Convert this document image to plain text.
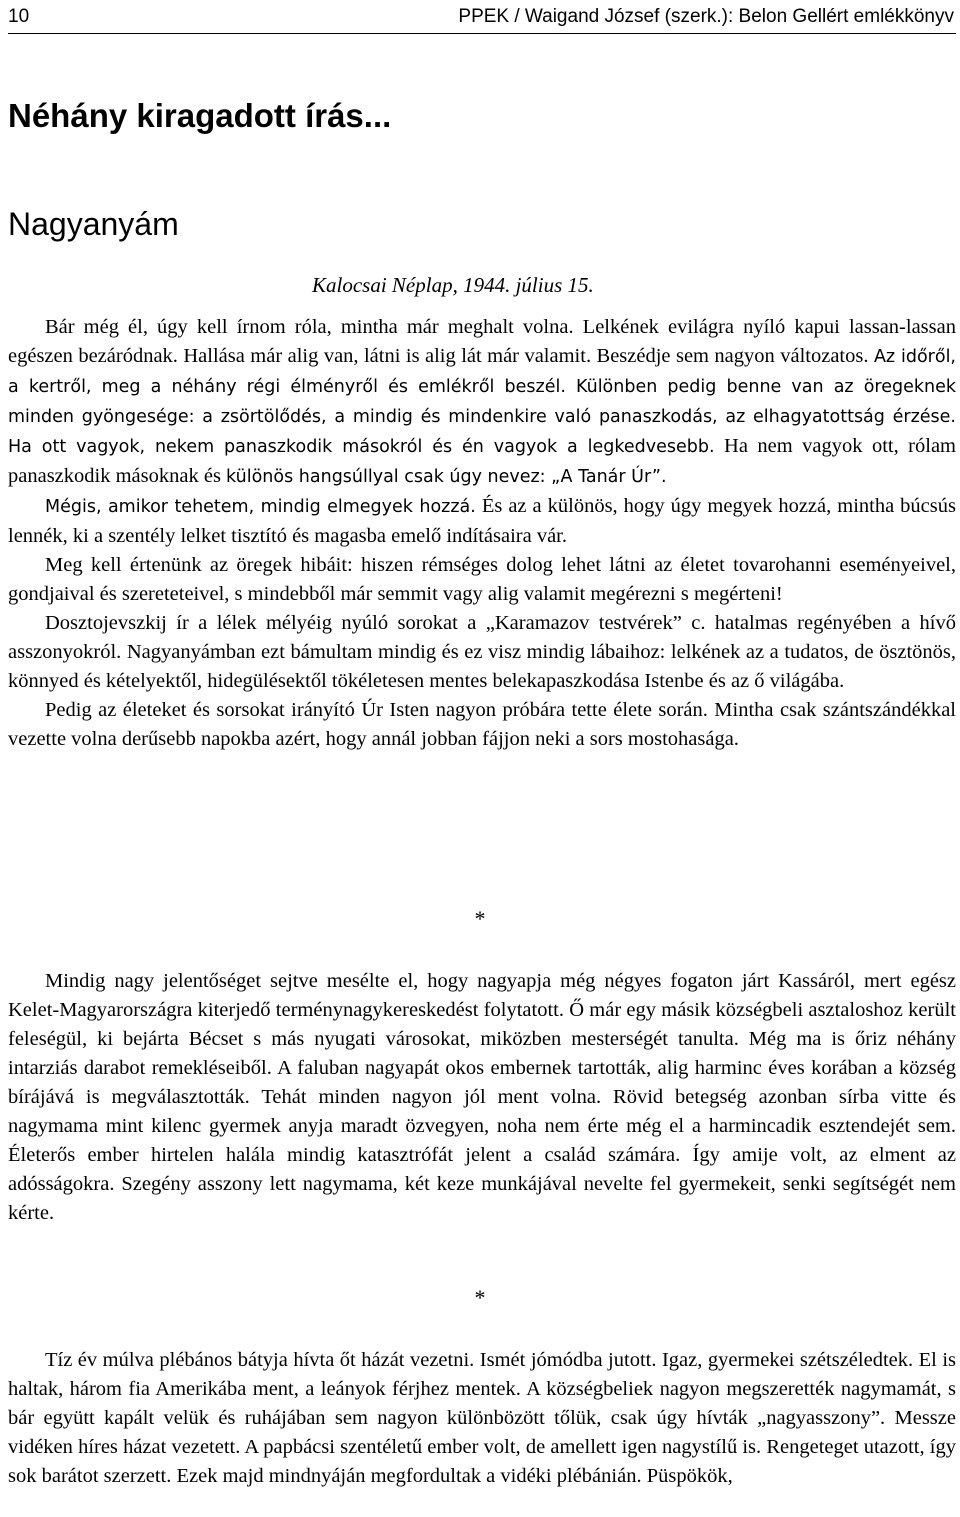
10	PPEK / Waigand József (szerk.): Belon Gellért emlékkönyv
Néhány kiragadott írás...
Nagyanyám
Kalocsai Néplap, 1944. július 15.

Bár még él, úgy kell írnom róla, mintha már meghalt volna. Lelkének evilágra nyíló kapui lassan-lassan egészen bezáródnak. Hallása már alig van, látni is alig lát már valamit. Beszédje sem nagyon változatos. Az időről, a kertről, meg a néhány régi élményről és emlékről beszél. Különben pedig benne van az öregeknek minden gyöngesége: a zsörtölődés, a mindig és mindenkire való panaszkodás, az elhagyatottság érzése. Ha ott vagyok, nekem panaszkodik másokról és én vagyok a legkedvesebb. Ha nem vagyok ott, rólam panaszkodik másoknak és különös hangsúllyal csak úgy nevez: „A Tanár Úr”.

Mégis, amikor tehetem, mindig elmegyek hozzá. És az a különös, hogy úgy megyek hozzá, mintha búcsús lennék, ki a szentély lelket tisztító és magasba emelő indításaira vár.

Meg kell értenünk az öregek hibáit: hiszen rémséges dolog lehet látni az életet tovarohanni eseményeivel, gondjaival és szereteteivel, s mindebből már semmit vagy alig valamit megérezni s megérteni!

Dosztojevszkij ír a lélek mélyéig nyúló sorokat a „Karamazov testvérek” c. hatalmas regényében a hívő asszonyokról. Nagyanyámban ezt bámultam mindig és ez visz mindig lábaihoz: lelkének az a tudatos, de ösztönös, könnyed és kételyektől, hidegülésektől tökéletesen mentes belekapaszkodása Istenbe és az ő világába.

Pedig az életeket és sorsokat irányító Úr Isten nagyon próbára tette élete során. Mintha csak szántszándékkal vezette volna derűsebb napokba azért, hogy annál jobban fájjon neki a sors mostohasága.

*

Mindig nagy jelentőséget sejtve mesélte el, hogy nagyapja még négyes fogaton járt Kassáról, mert egész Kelet-Magyarországra kiterjedő terménynagykereskedést folytatott. Ő már egy másik községbeli asztaloshoz került feleségül, ki bejárta Bécset s más nyugati városokat, miközben mesterségét tanulta. Még ma is őriz néhány intarziás darabot remekléseiből. A faluban nagyapát okos embernek tartották, alig harminc éves korában a község bírájává is megválasztották. Tehát minden nagyon jól ment volna. Rövid betegség azonban sírba vitte és nagymama mint kilenc gyermek anyja maradt özvegyen, noha nem érte még el a harmincadik esztendejét sem. Életerős ember hirtelen halála mindig katasztrófát jelent a család számára. Így amije volt, az elment az adósságokra. Szegény asszony lett nagymama, két keze munkájával nevelte fel gyermekeit, senki segítségét nem kérte.

*

Tíz év múlva plébános bátyja hívta őt házát vezetni. Ismét jómódba jutott. Igaz, gyermekei szétszéledtek. El is haltak, három fia Amerikába ment, a leányok férjhez mentek. A községbeliek nagyon megszerették nagymamát, s bár együtt kapált velük és ruhájában sem nagyon különbözött tőlük, csak úgy hívták „nagyasszony”. Messze vidéken híres házat vezetett. A papbácsi szentéletű ember volt, de amellett igen nagystílű is. Rengeteget utazott, így sok barátot szerzett. Ezek majd mindnyáján megfordultak a vidéki plébánián. Püspökök,
